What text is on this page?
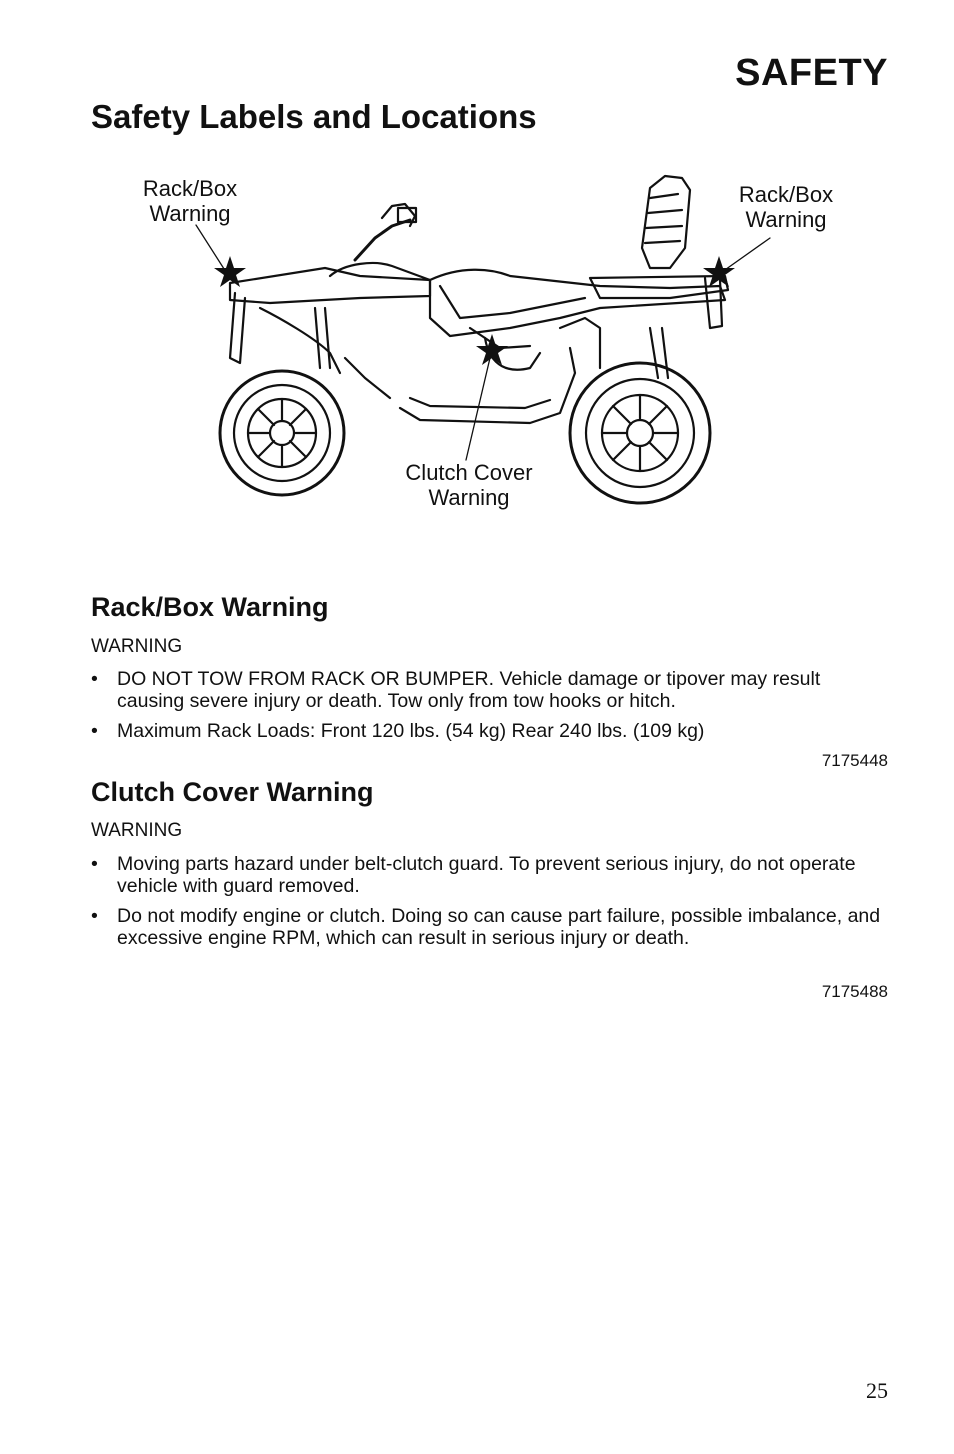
SAFETY
Safety Labels and Locations
Rack/Box
Warning
Rack/Box
Warning
Clutch Cover
Warning
Rack/Box Warning
WARNING
• DO NOT TOW FROM RACK OR BUMPER. Vehicle damage or tipover may result causing severe injury or death. Tow only from tow hooks or hitch.
• Maximum Rack Loads: Front 120 lbs. (54 kg) Rear 240 lbs. (109 kg)
7175448
Clutch Cover Warning
WARNING
• Moving parts hazard under belt-clutch guard. To prevent serious injury, do not operate vehicle with guard removed.
• Do not modify engine or clutch. Doing so can cause part failure, possible imbalance, and excessive engine RPM, which can result in serious injury or death.
7175488
25
